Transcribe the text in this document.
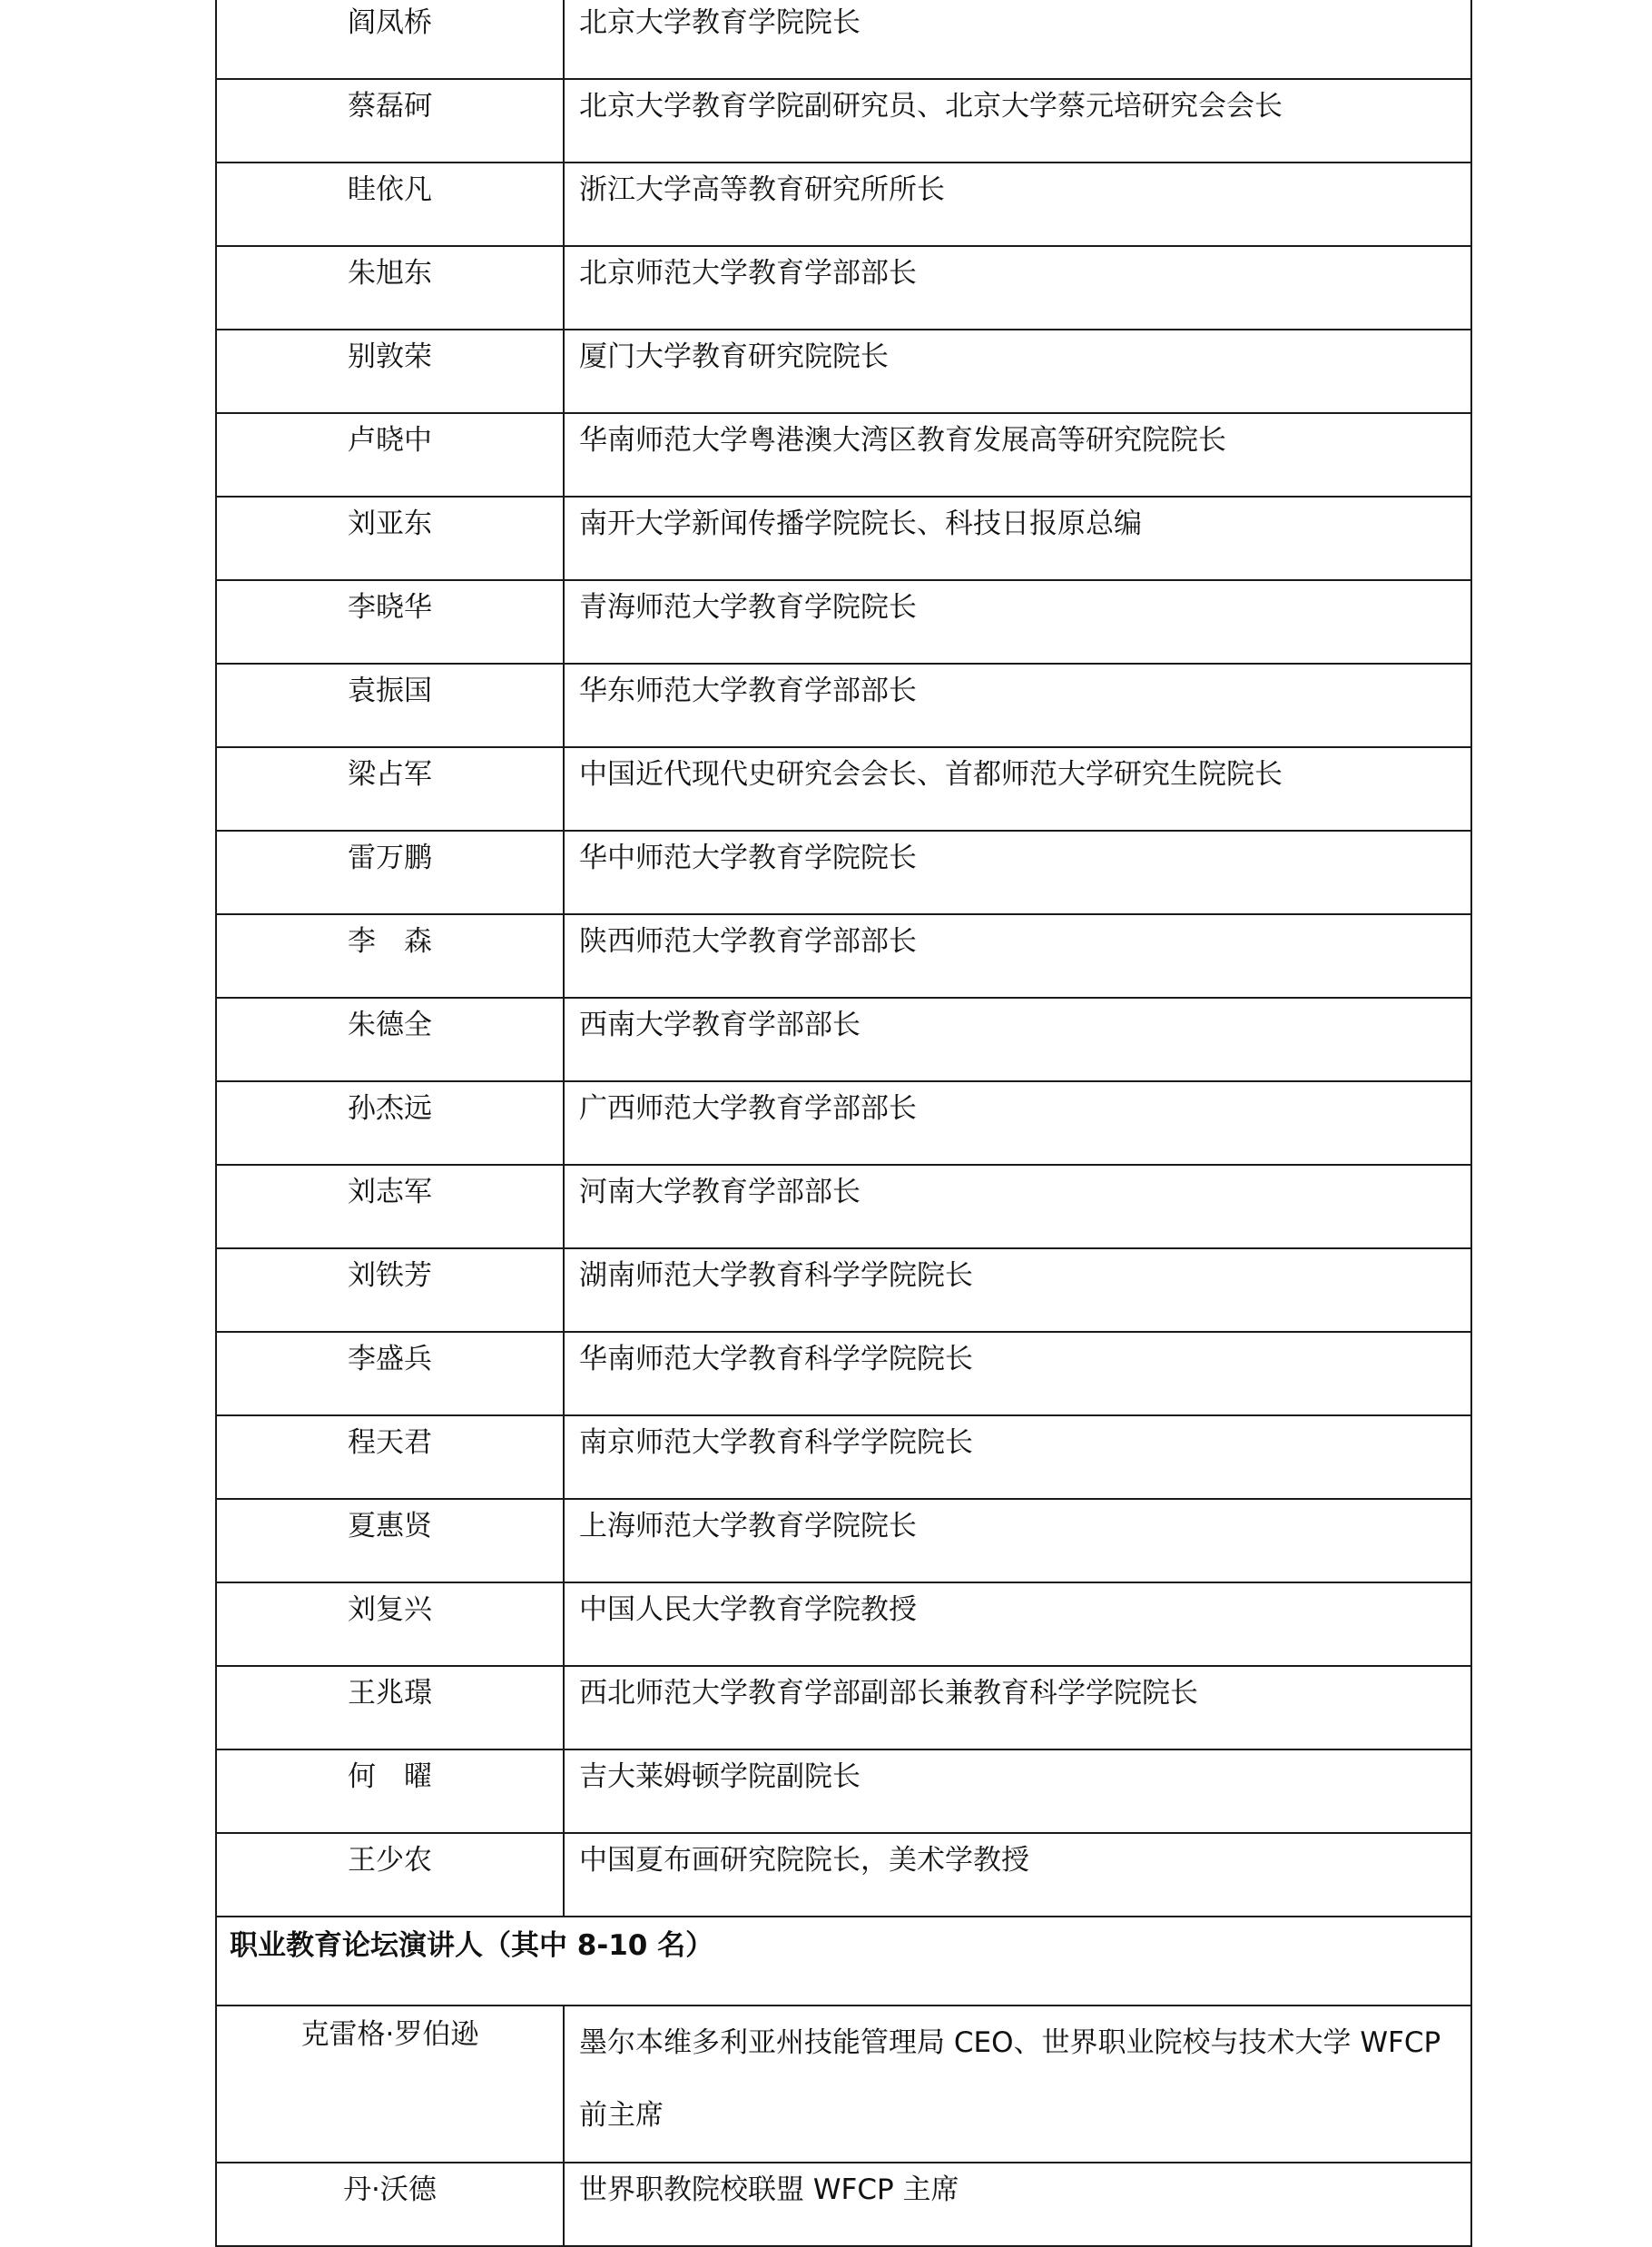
阎凤桥	北京大学教育学院院长
蔡磊砢	北京大学教育学院副研究员、北京大学蔡元培研究会会长
眭依凡	浙江大学高等教育研究所所长
朱旭东	北京师范大学教育学部部长
别敦荣	厦门大学教育研究院院长
卢晓中	华南师范大学粤港澳大湾区教育发展高等研究院院长
刘亚东	南开大学新闻传播学院院长、科技日报原总编
李晓华	青海师范大学教育学院院长
袁振国	华东师范大学教育学部部长
梁占军	中国近代现代史研究会会长、首都师范大学研究生院院长
雷万鹏	华中师范大学教育学院院长
李　森	陕西师范大学教育学部部长
朱德全	西南大学教育学部部长
孙杰远	广西师范大学教育学部部长
刘志军	河南大学教育学部部长
刘铁芳	湖南师范大学教育科学学院院长
李盛兵	华南师范大学教育科学学院院长
程天君	南京师范大学教育科学学院院长
夏惠贤	上海师范大学教育学院院长
刘复兴	中国人民大学教育学院教授
王兆璟	西北师范大学教育学部副部长兼教育科学学院院长
何　曜	吉大莱姆顿学院副院长
王少农	中国夏布画研究院院长，美术学教授
职业教育论坛演讲人（其中 8-10 名）	
克雷格·罗伯逊	墨尔本维多利亚州技能管理局 CEO、世界职业院校与技术大学 WFCP
前主席

丹·沃德	世界职教院校联盟 WFCP 主席
